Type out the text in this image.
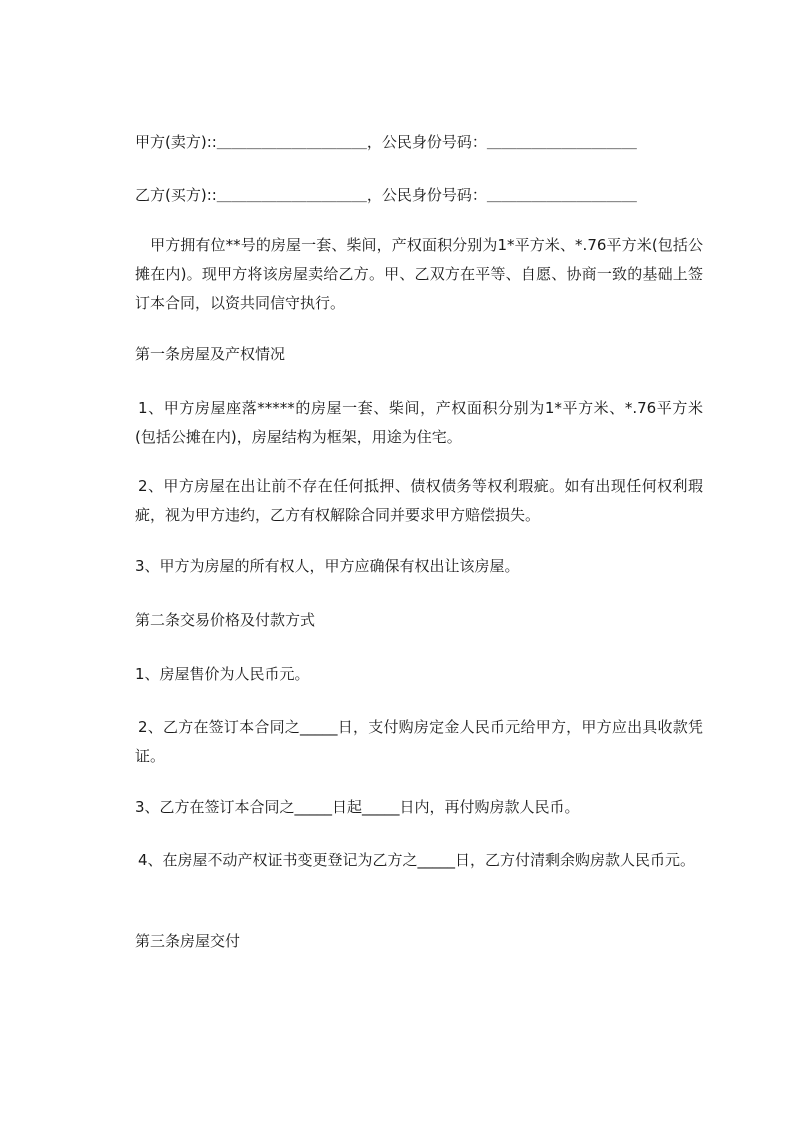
甲方(卖方)::＿＿＿＿＿＿＿＿＿＿，公民身份号码：＿＿＿＿＿＿＿＿＿＿
乙方(买方)::＿＿＿＿＿＿＿＿＿＿，公民身份号码：＿＿＿＿＿＿＿＿＿＿
　甲方拥有位**号的房屋一套、柴间，产权面积分别为1*平方米、*.76平方米(包括公摊在内)。现甲方将该房屋卖给乙方。甲、乙双方在平等、自愿、协商一致的基础上签订本合同，以资共同信守执行。
第一条房屋及产权情况
1、甲方房屋座落*****的房屋一套、柴间，产权面积分别为1*平方米、*.76平方米(包括公摊在内)，房屋结构为框架，用途为住宅。
2、甲方房屋在出让前不存在任何抵押、债权债务等权利瑕疵。如有出现任何权利瑕疵，视为甲方违约，乙方有权解除合同并要求甲方赔偿损失。
3、甲方为房屋的所有权人，甲方应确保有权出让该房屋。
第二条交易价格及付款方式
1、房屋售价为人民币元。
2、乙方在签订本合同之_____日，支付购房定金人民币元给甲方，甲方应出具收款凭证。
3、乙方在签订本合同之_____日起_____日内，再付购房款人民币。
4、在房屋不动产权证书变更登记为乙方之_____日，乙方付清剩余购房款人民币元。
第三条房屋交付
